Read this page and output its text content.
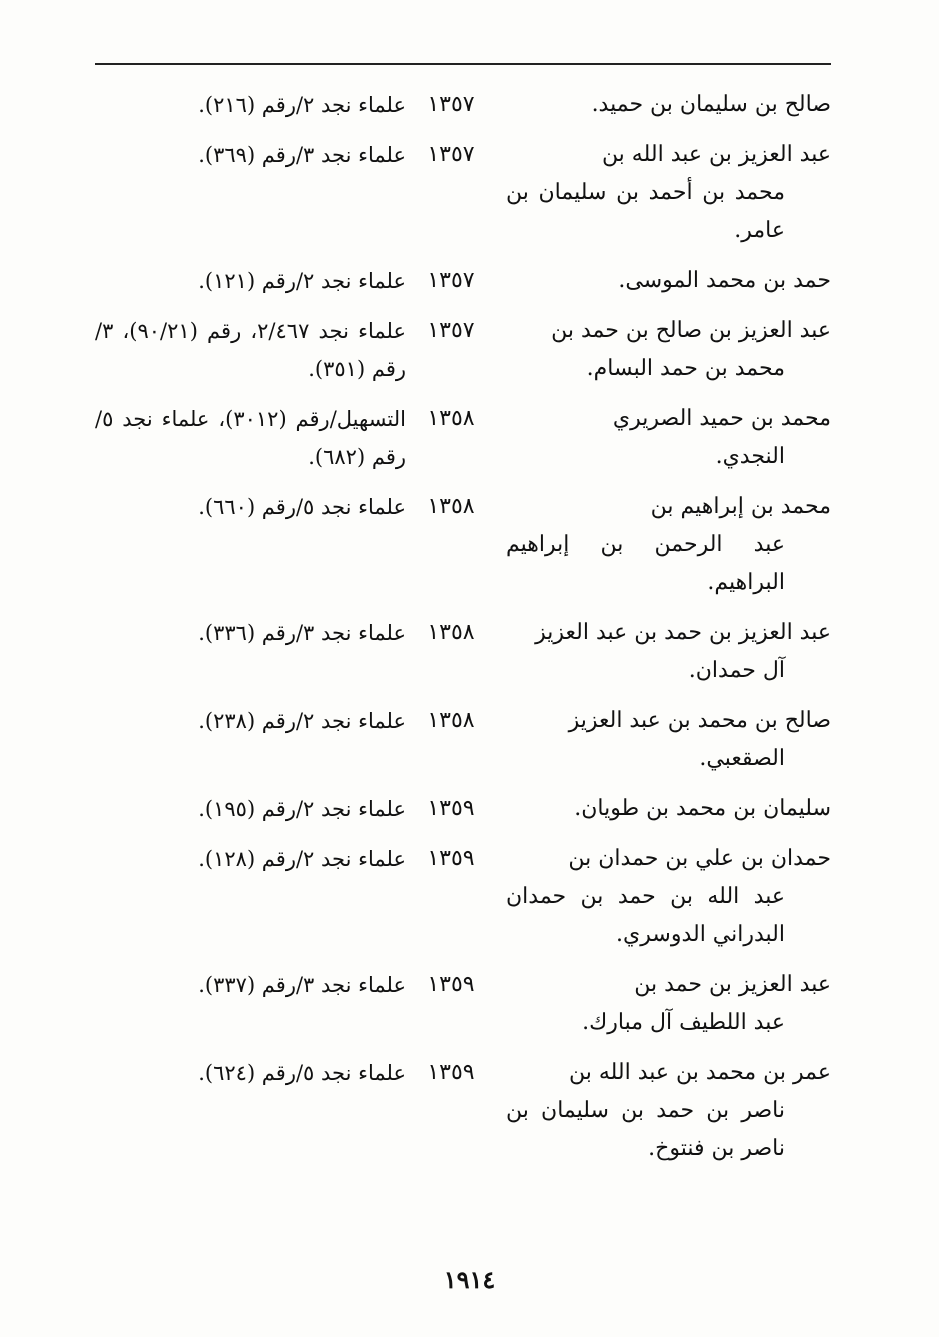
صالح بن سليمان بن حميد.
١٣٥٧
علماء نجد ٢/رقم (٢١٦).
عبد العزيز بن عبد الله بن
محمد بن أحمد بن سليمان بن عامر.
١٣٥٧
علماء نجد ٣/رقم (٣٦٩).
حمد بن محمد الموسى.
١٣٥٧
علماء نجد ٢/رقم (١٢١).
عبد العزيز بن صالح بن حمد بن
محمد بن حمد البسام.
١٣٥٧
علماء نجد ٢/٤٦٧، رقم (٩٠/٢١)، ٣/رقم (٣٥١).
محمد بن حميد الصريري
النجدي.
١٣٥٨
التسهيل/رقم (٣٠١٢)، علماء نجد ٥/رقم (٦٨٢).
محمد بن إبراهيم بن
عبد الرحمن بن إبراهيم البراهيم.
١٣٥٨
علماء نجد ٥/رقم (٦٦٠).
عبد العزيز بن حمد بن عبد العزيز
آل حمدان.
١٣٥٨
علماء نجد ٣/رقم (٣٣٦).
صالح بن محمد بن عبد العزيز
الصقعبي.
١٣٥٨
علماء نجد ٢/رقم (٢٣٨).
سليمان بن محمد بن طويان.
١٣٥٩
علماء نجد ٢/رقم (١٩٥).
حمدان بن علي بن حمدان بن
عبد الله بن حمد بن حمدان البدراني الدوسري.
١٣٥٩
علماء نجد ٢/رقم (١٢٨).
عبد العزيز بن حمد بن
عبد اللطيف آل مبارك.
١٣٥٩
علماء نجد ٣/رقم (٣٣٧).
عمر بن محمد بن عبد الله بن
ناصر بن حمد بن سليمان بن ناصر بن فنتوخ.
١٣٥٩
علماء نجد ٥/رقم (٦٢٤).
١٩١٤
